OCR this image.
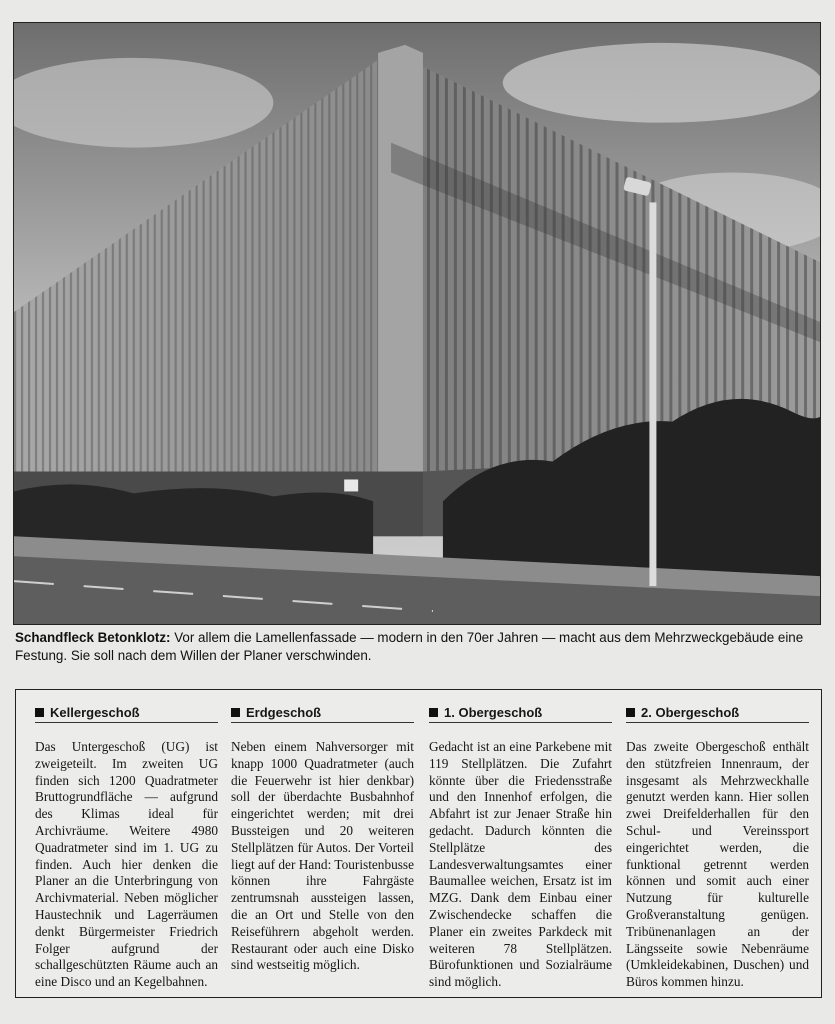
Schandfleck Betonklotz: Vor allem die Lamellenfassade — modern in den 70er Jahren — macht aus dem Mehrzweckgebäude eine Festung. Sie soll nach dem Willen der Planer verschwinden.
Kellergeschoß

Das Untergeschoß (UG) ist zweigeteilt. Im zweiten UG finden sich 1200 Quadratmeter Bruttogrundfläche — aufgrund des Klimas ideal für Archivräume. Weitere 4980 Quadratmeter sind im 1. UG zu finden. Auch hier denken die Planer an die Unterbringung von Archivmaterial. Neben möglicher Haustechnik und Lagerräumen denkt Bürgermeister Friedrich Folger aufgrund der schallgeschützten Räume auch an eine Disco und an Kegelbahnen.

Erdgeschoß

Neben einem Nahversorger mit knapp 1000 Quadratmeter (auch die Feuerwehr ist hier denkbar) soll der überdachte Busbahnhof eingerichtet werden; mit drei Bussteigen und 20 weiteren Stellplätzen für Autos. Der Vorteil liegt auf der Hand: Touristenbusse können ihre Fahrgäste zentrumsnah aussteigen lassen, die an Ort und Stelle von den Reiseführern abgeholt werden. Restaurant oder auch eine Disko sind westseitig möglich.

1. Obergeschoß

Gedacht ist an eine Parkebene mit 119 Stellplätzen. Die Zufahrt könnte über die Friedensstraße und den Innenhof erfolgen, die Abfahrt ist zur Jenaer Straße hin gedacht. Dadurch könnten die Stellplätze des Landesverwaltungsamtes einer Baumallee weichen, Ersatz ist im MZG. Dank dem Einbau einer Zwischendecke schaffen die Planer ein zweites Parkdeck mit weiteren 78 Stellplätzen. Bürofunktionen und Sozialräume sind möglich.

2. Obergeschoß

Das zweite Obergeschoß enthält den stützfreien Innenraum, der insgesamt als Mehrzweckhalle genutzt werden kann. Hier sollen zwei Dreifelderhallen für den Schul- und Vereinssport eingerichtet werden, die funktional getrennt werden können und somit auch einer Nutzung für kulturelle Großveranstaltung genügen. Tribünenanlagen an der Längsseite sowie Nebenräume (Umkleidekabinen, Duschen) und Büros kommen hinzu.
